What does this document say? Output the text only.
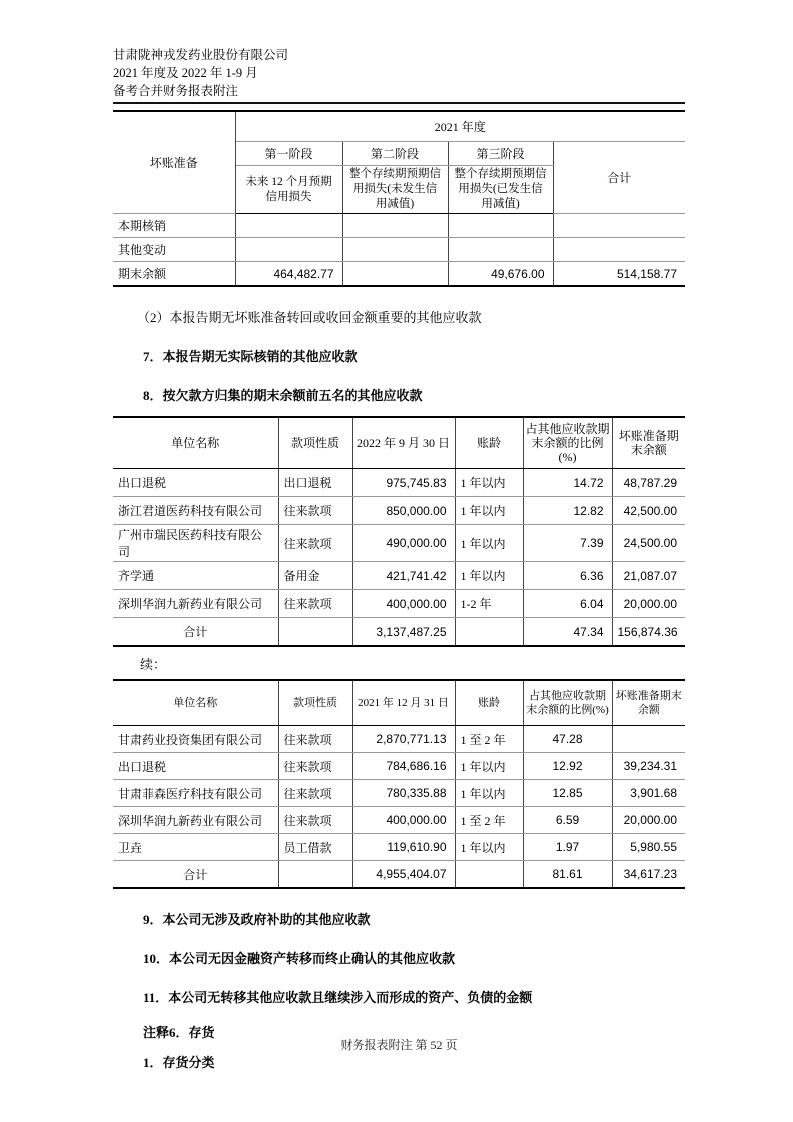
甘肃陇神戎发药业股份有限公司
2021 年度及 2022 年 1-9 月
备考合并财务报表附注
坏账准备	2021 年度			
	第一阶段	第二阶段	第三阶段	合计
	未来 12 个月预期信用损失	整个存续期预期信用损失(未发生信用减值)	整个存续期预期信用损失(已发生信用减值)	
本期核销				
其他变动				
期末余额	464,482.77		49,676.00	514,158.77
（2）本报告期无坏账准备转回或收回金额重要的其他应收款
7．本报告期无实际核销的其他应收款
8．按欠款方归集的期末余额前五名的其他应收款
单位名称	款项性质	2022 年 9 月 30 日	账龄	占其他应收款期末余额的比例(%)	坏账准备期末余额
出口退税	出口退税	975,745.83	1 年以内	14.72	48,787.29
浙江君道医药科技有限公司	往来款项	850,000.00	1 年以内	12.82	42,500.00
广州市瑞民医药科技有限公司	往来款项	490,000.00	1 年以内	7.39	24,500.00
齐学通	备用金	421,741.42	1 年以内	6.36	21,087.07
深圳华润九新药业有限公司	往来款项	400,000.00	1-2 年	6.04	20,000.00
合计		3,137,487.25		47.34	156,874.36
续：
单位名称	款项性质	2021 年 12 月 31 日	账龄	占其他应收款期末余额的比例(%)	坏账准备期末余额
甘肃药业投资集团有限公司	往来款项	2,870,771.13	1 至 2 年	47.28	
出口退税	往来款项	784,686.16	1 年以内	12.92	39,234.31
甘肃菲森医疗科技有限公司	往来款项	780,335.88	1 年以内	12.85	3,901.68
深圳华润九新药业有限公司	往来款项	400,000.00	1 至 2 年	6.59	20,000.00
卫垚	员工借款	119,610.90	1 年以内	1.97	5,980.55
合计		4,955,404.07		81.61	34,617.23
9．本公司无涉及政府补助的其他应收款
10．本公司无因金融资产转移而终止确认的其他应收款
11．本公司无转移其他应收款且继续涉入而形成的资产、负债的金额
注释6．存货
1．存货分类
财务报表附注 第 52 页
